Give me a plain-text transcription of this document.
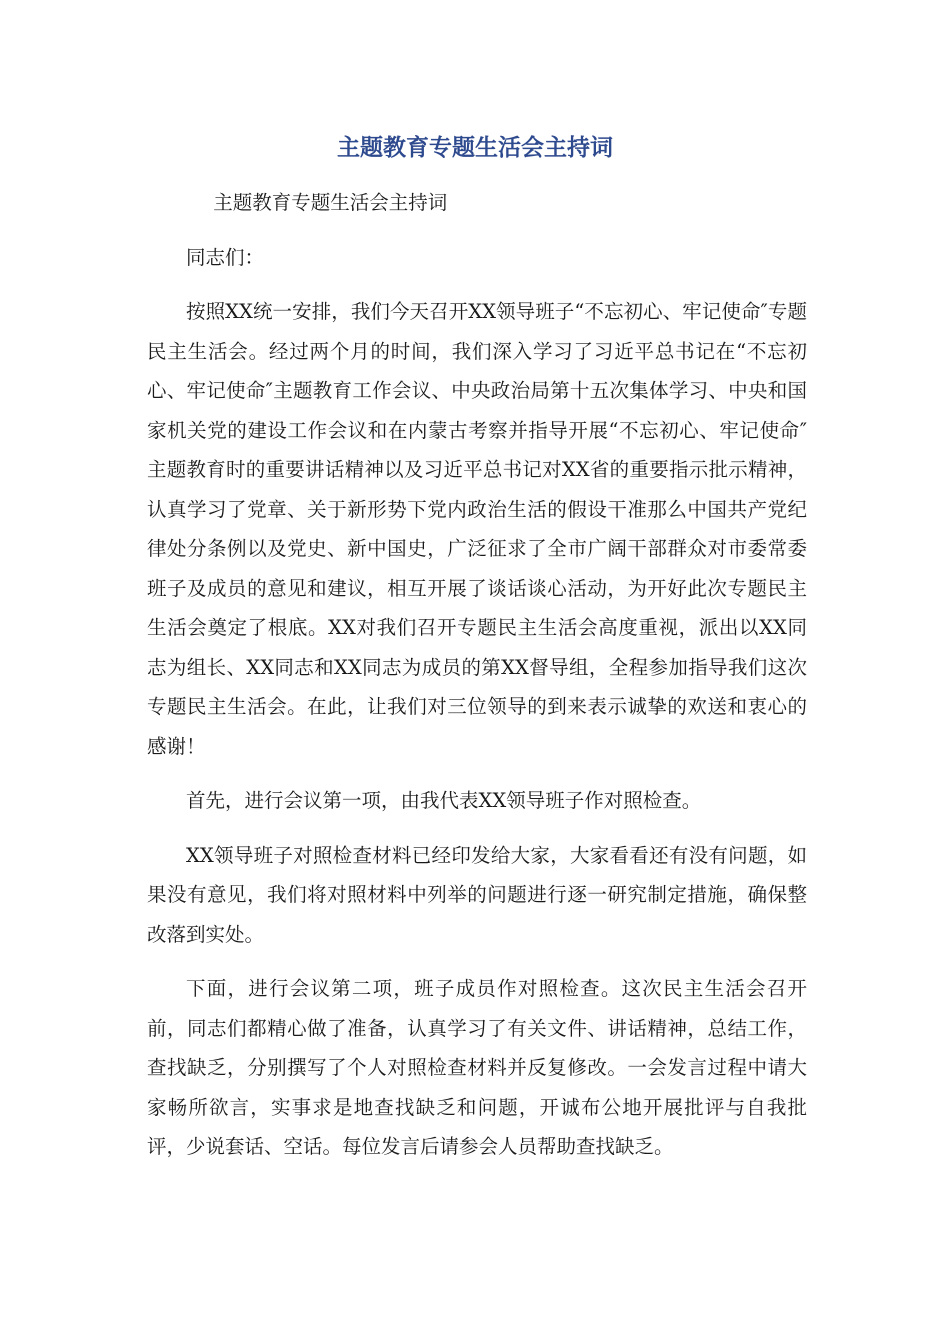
主题教育专题生活会主持词

主题教育专题生活会主持词

同志们：

按照XX统一安排，我们今天召开XX领导班子“不忘初心、牢记使命″专题民主生活会。经过两个月的时间，我们深入学习了习近平总书记在“不忘初心、牢记使命″主题教育工作会议、中央政治局第十五次集体学习、中央和国家机关党的建设工作会议和在内蒙古考察并指导开展“不忘初心、牢记使命″主题教育时的重要讲话精神以及习近平总书记对XX省的重要指示批示精神，认真学习了党章、关于新形势下党内政治生活的假设干准那么中国共产党纪律处分条例以及党史、新中国史，广泛征求了全市广阔干部群众对市委常委班子及成员的意见和建议，相互开展了谈话谈心活动，为开好此次专题民主生活会奠定了根底。XX对我们召开专题民主生活会高度重视，派出以XX同志为组长、XX同志和XX同志为成员的第XX督导组，全程参加指导我们这次专题民主生活会。在此，让我们对三位领导的到来表示诚挚的欢送和衷心的感谢！

首先，进行会议第一项，由我代表XX领导班子作对照检查。

XX领导班子对照检查材料已经印发给大家，大家看看还有没有问题，如果没有意见，我们将对照材料中列举的问题进行逐一研究制定措施，确保整改落到实处。

下面，进行会议第二项，班子成员作对照检查。这次民主生活会召开前，同志们都精心做了准备，认真学习了有关文件、讲话精神，总结工作，查找缺乏，分别撰写了个人对照检查材料并反复修改。一会发言过程中请大家畅所欲言，实事求是地查找缺乏和问题，开诚布公地开展批评与自我批评，少说套话、空话。每位发言后请参会人员帮助查找缺乏。
